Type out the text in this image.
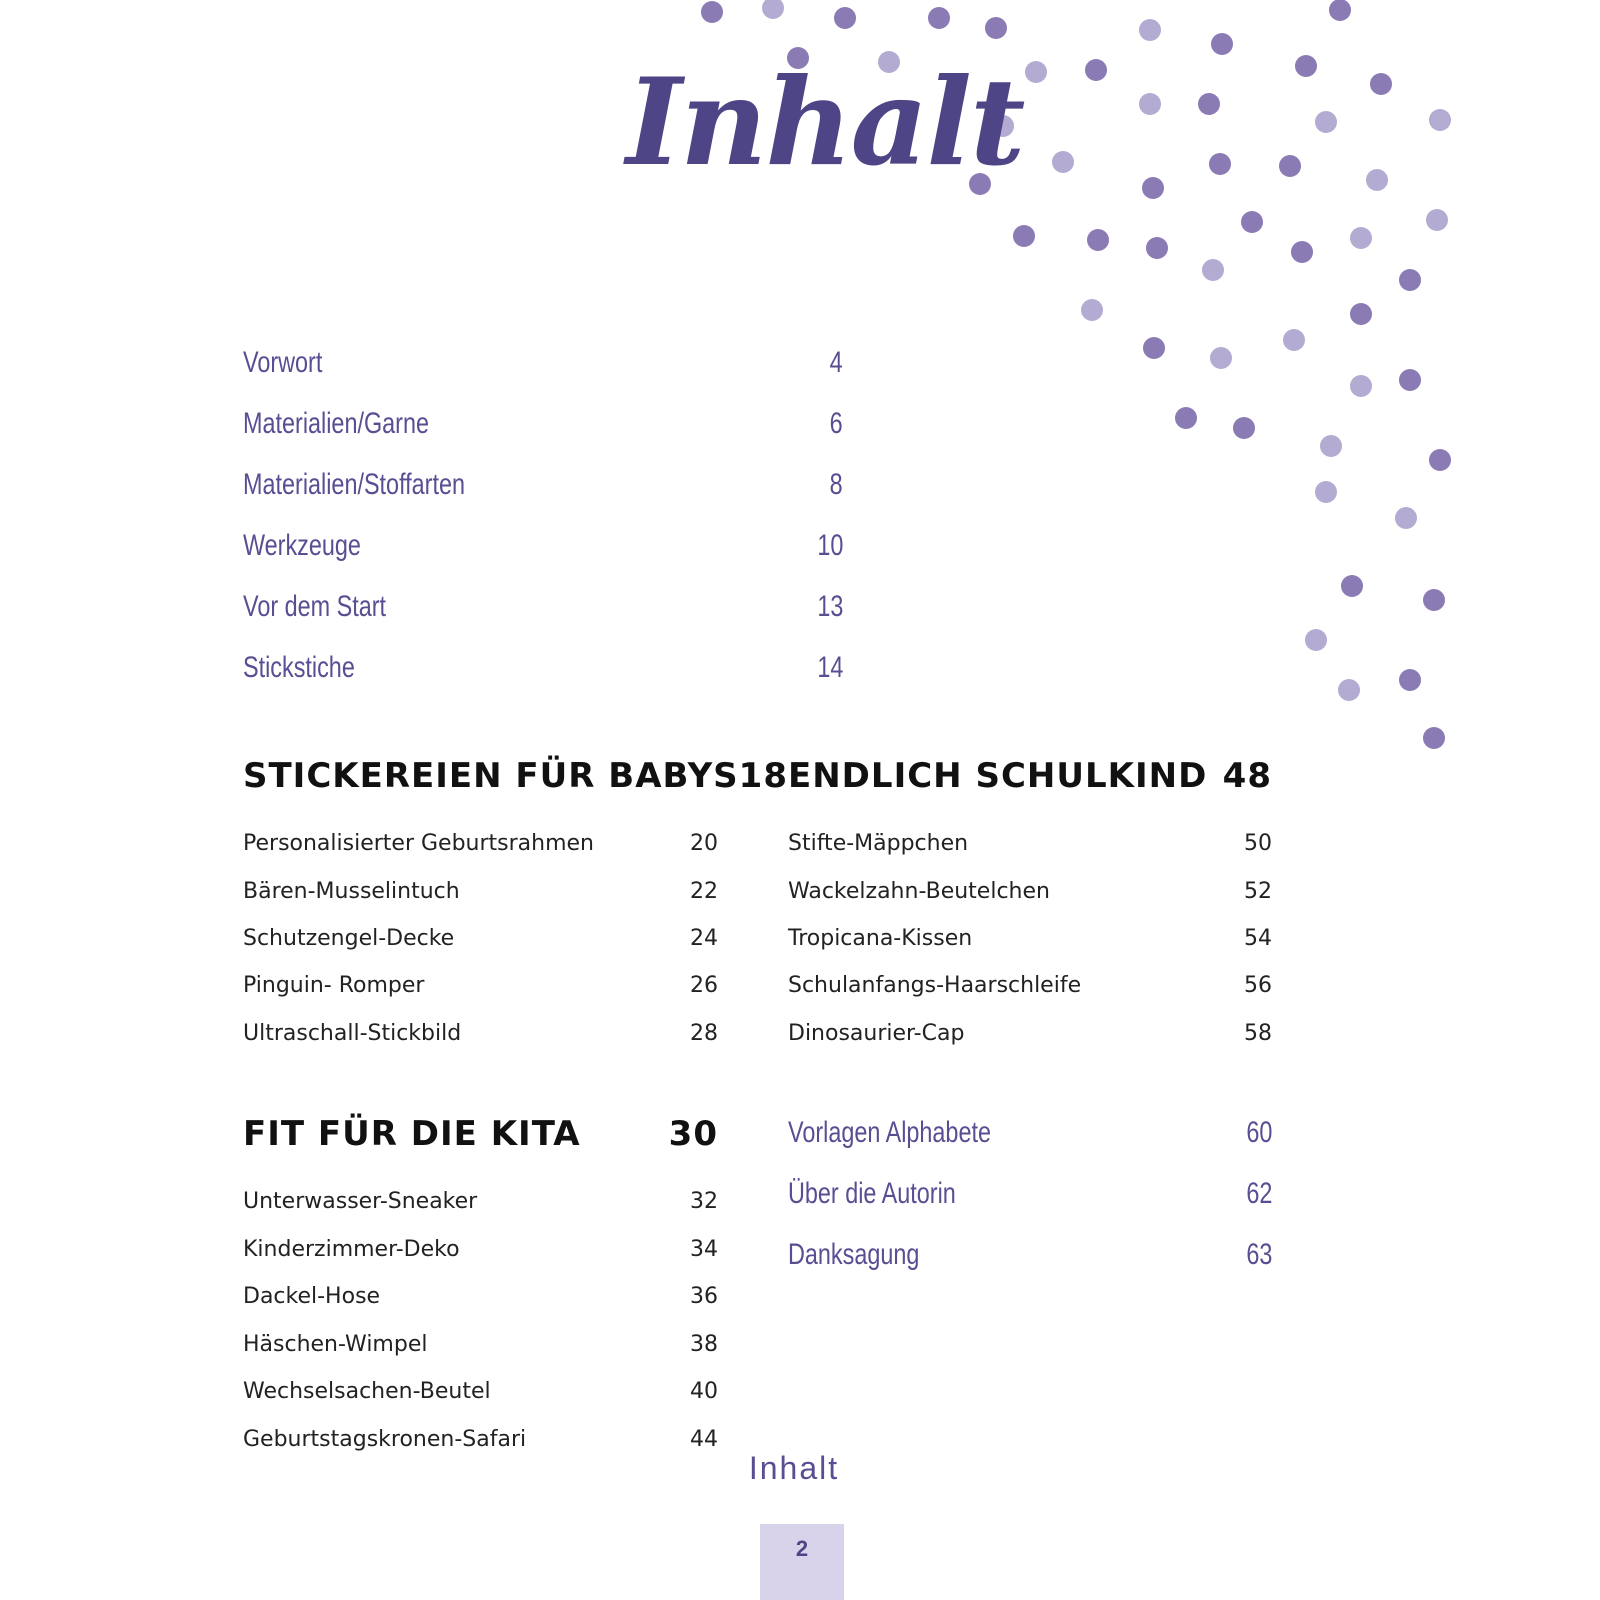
Inhalt
Vorwort	4
Materialien/Garne	6
Materialien/Stoffarten	8
Werkzeuge	10
Vor dem Start	13
Stickstiche	14
STICKEREIEN FÜR BABYS 18
Personalisierter Geburtsrahmen	20
Bären-Musselintuch	22
Schutzengel-Decke	24
Pinguin- Romper	26
Ultraschall-Stickbild	28
FIT FÜR DIE KITA	30
Unterwasser-Sneaker	32
Kinderzimmer-Deko	34
Dackel-Hose	36
Häschen-Wimpel	38
Wechselsachen-Beutel	40
Geburtstagskronen-Safari	44
ENDLICH SCHULKIND 48
Stifte-Mäppchen	50
Wackelzahn-Beutelchen	52
Tropicana-Kissen	54
Schulanfangs-Haarschleife	56
Dinosaurier-Cap	58
Vorlagen Alphabete	60
Über die Autorin	62
Danksagung	63
Inhalt
2
